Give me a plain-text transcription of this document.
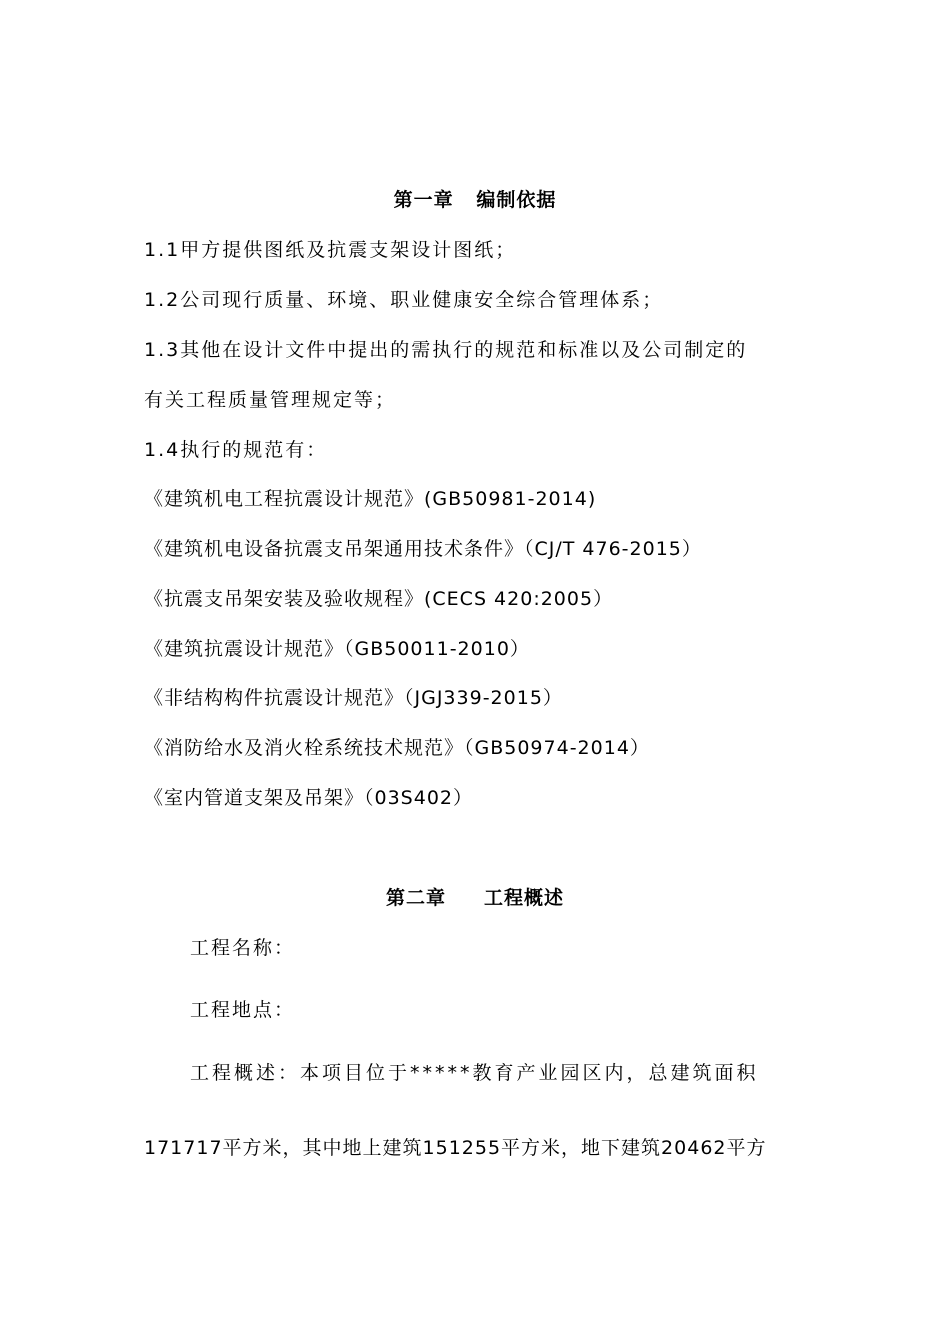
第一章   编制依据
1.1甲方提供图纸及抗震支架设计图纸；
1.2公司现行质量、环境、职业健康安全综合管理体系；
1.3其他在设计文件中提出的需执行的规范和标准以及公司制定的
有关工程质量管理规定等；
1.4执行的规范有：
《建筑机电工程抗震设计规范》(GB50981-2014)
《建筑机电设备抗震支吊架通用技术条件》（CJ/T 476-2015）
《抗震支吊架安装及验收规程》(CECS 420:2005）
《建筑抗震设计规范》（GB50011-2010）
《非结构构件抗震设计规范》（JGJ339-2015）
《消防给水及消火栓系统技术规范》（GB50974-2014）
《室内管道支架及吊架》（03S402）
第二章     工程概述
工程名称：
工程地点：
工程概述：本项目位于*****教育产业园区内，总建筑面积
171717平方米，其中地上建筑151255平方米，地下建筑20462平方
